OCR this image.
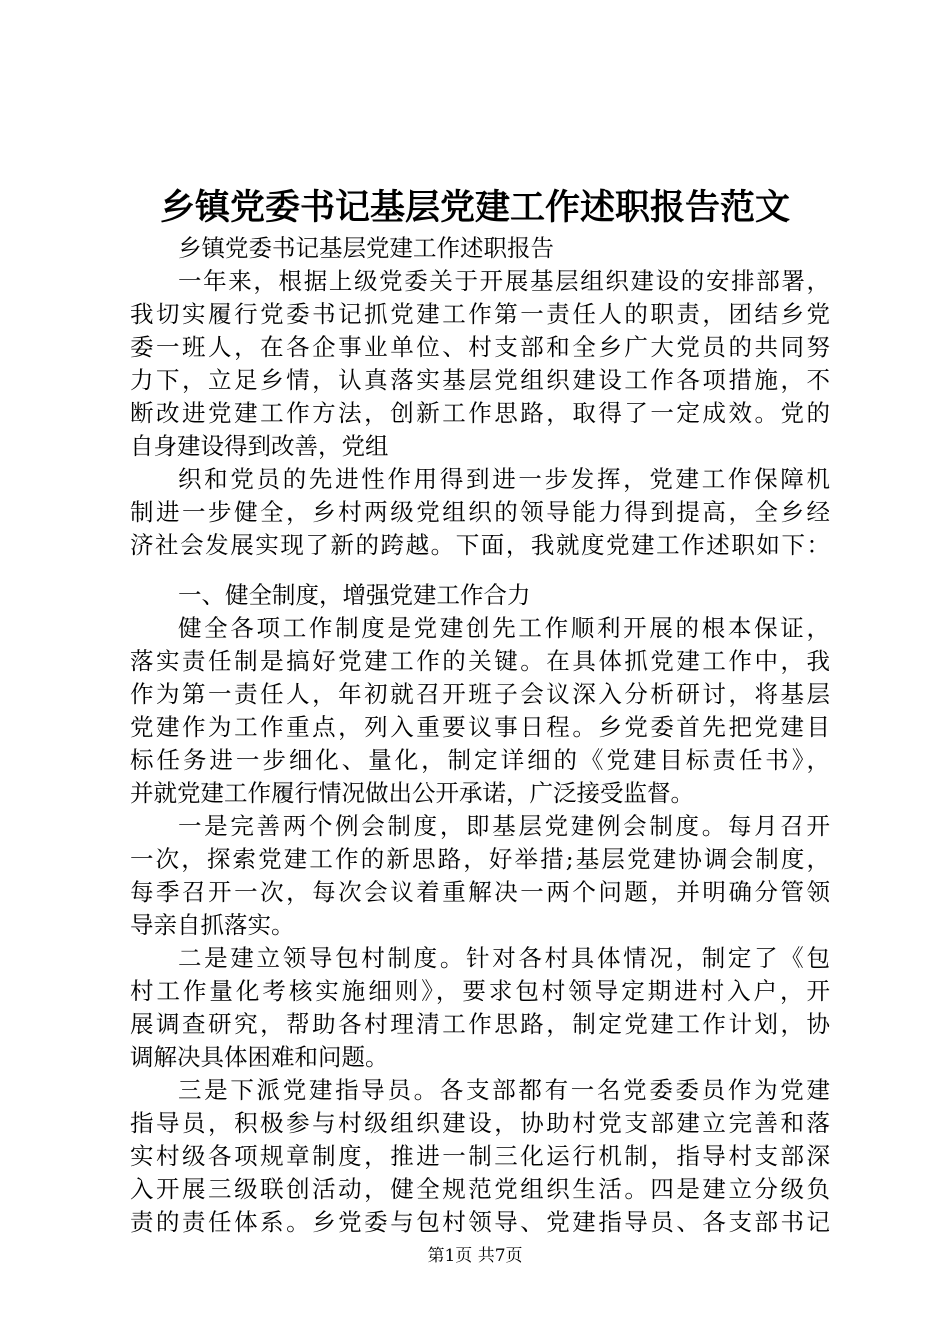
乡镇党委书记基层党建工作述职报告范文
乡镇党委书记基层党建工作述职报告
一年来，根据上级党委关于开展基层组织建设的安排部署，
我切实履行党委书记抓党建工作第一责任人的职责，团结乡党
委一班人，在各企事业单位、村支部和全乡广大党员的共同努
力下，立足乡情，认真落实基层党组织建设工作各项措施，不
断改进党建工作方法，创新工作思路，取得了一定成效。党的
自身建设得到改善，党组
织和党员的先进性作用得到进一步发挥，党建工作保障机
制进一步健全，乡村两级党组织的领导能力得到提高，全乡经
济社会发展实现了新的跨越。下面，我就度党建工作述职如下：
一、健全制度，增强党建工作合力
健全各项工作制度是党建创先工作顺利开展的根本保证，
落实责任制是搞好党建工作的关键。在具体抓党建工作中，我
作为第一责任人，年初就召开班子会议深入分析研讨，将基层
党建作为工作重点，列入重要议事日程。乡党委首先把党建目
标任务进一步细化、量化，制定详细的《党建目标责任书》，
并就党建工作履行情况做出公开承诺，广泛接受监督。
一是完善两个例会制度，即基层党建例会制度。每月召开
一次，探索党建工作的新思路，好举措;基层党建协调会制度，
每季召开一次，每次会议着重解决一两个问题，并明确分管领
导亲自抓落实。
二是建立领导包村制度。针对各村具体情况，制定了《包
村工作量化考核实施细则》，要求包村领导定期进村入户，开
展调查研究，帮助各村理清工作思路，制定党建工作计划，协
调解决具体困难和问题。
三是下派党建指导员。各支部都有一名党委委员作为党建
指导员，积极参与村级组织建设，协助村党支部建立完善和落
实村级各项规章制度，推进一制三化运行机制，指导村支部深
入开展三级联创活动，健全规范党组织生活。四是建立分级负
责的责任体系。乡党委与包村领导、党建指导员、各支部书记
第1页 共7页
